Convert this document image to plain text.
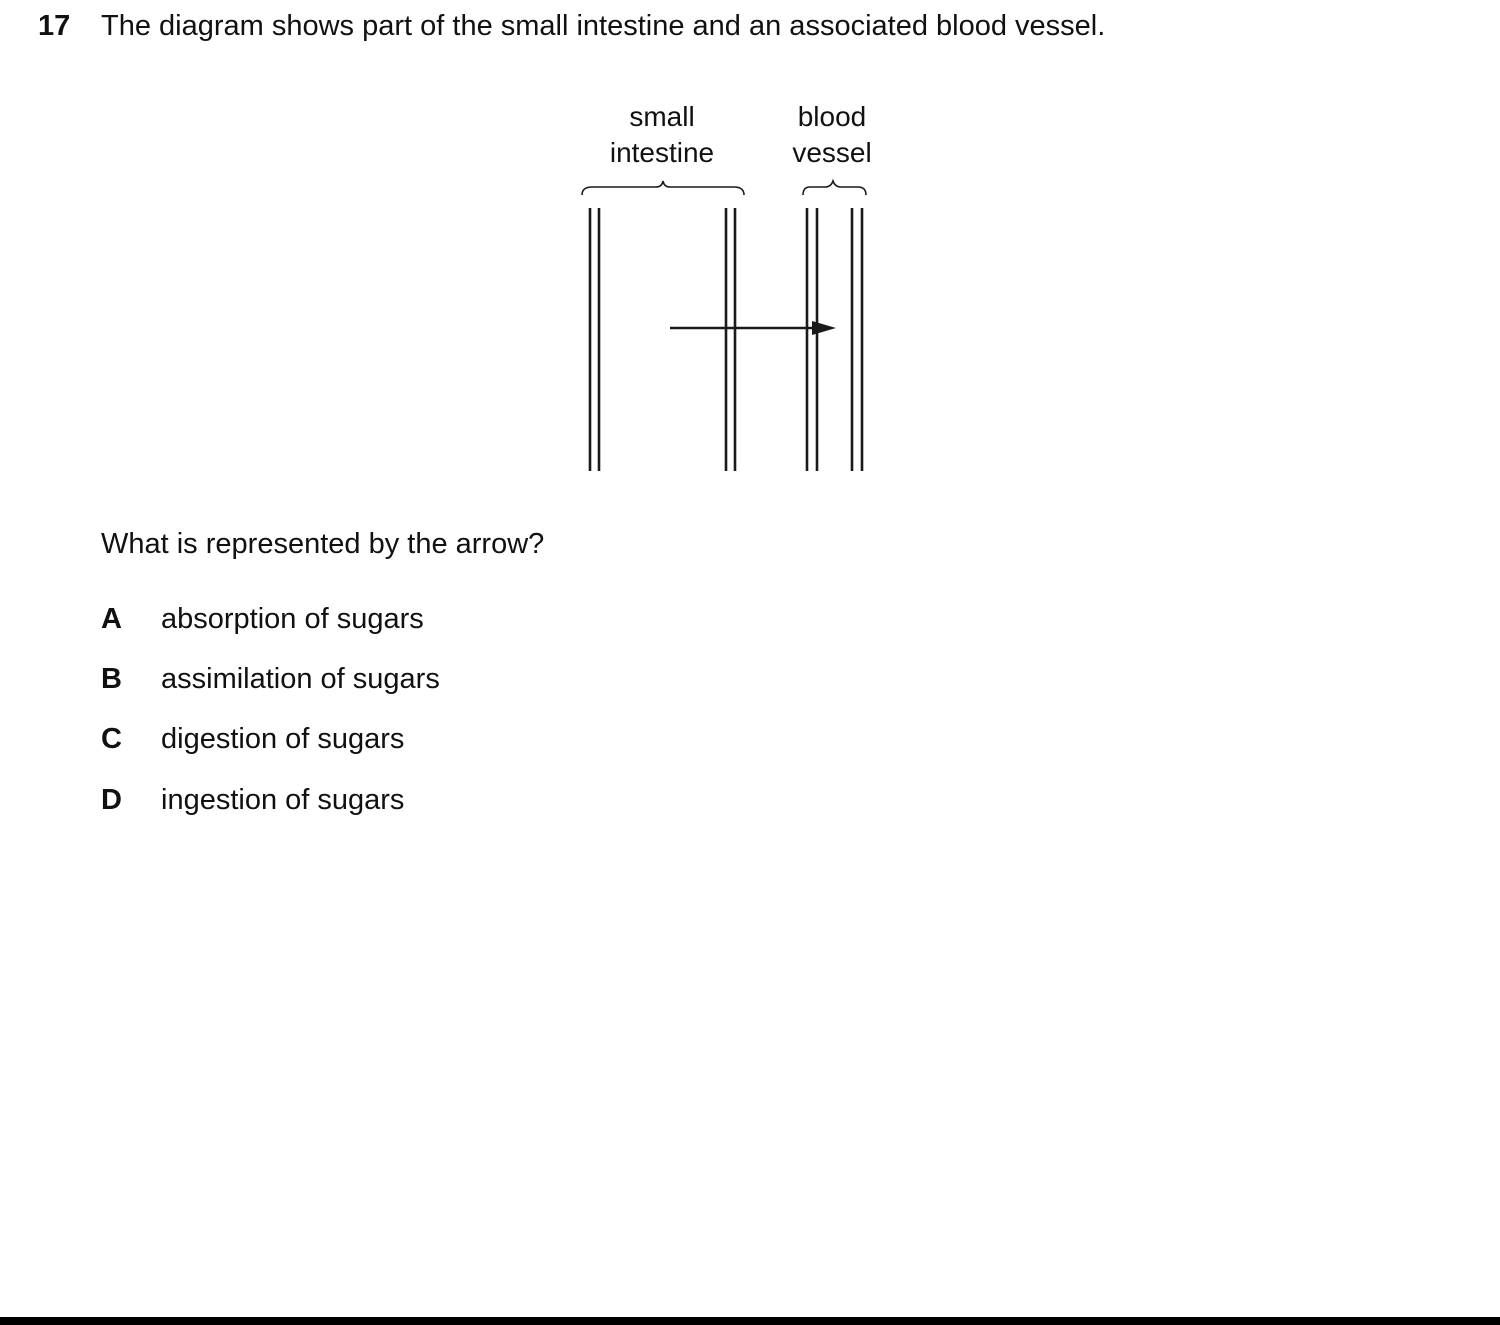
17 The diagram shows part of the small intestine and an associated blood vessel.
small
intestine
blood
vessel
What is represented by the arrow?
A absorption of sugars
B assimilation of sugars
C digestion of sugars
D ingestion of sugars
